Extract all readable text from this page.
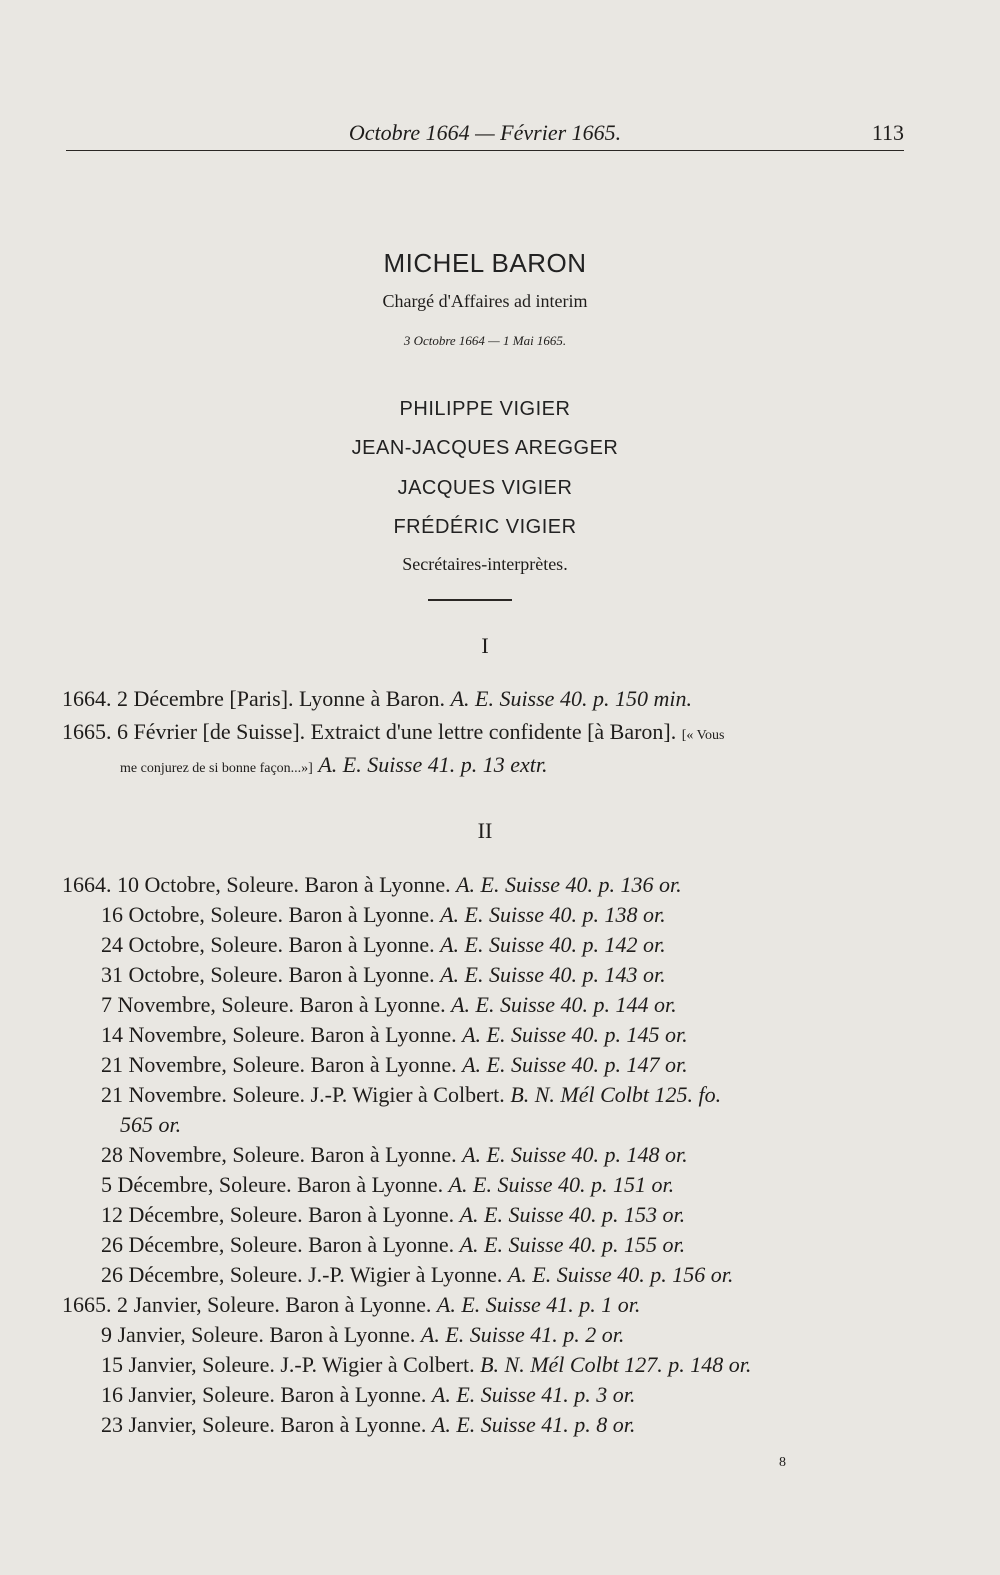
Octobre 1664 — Février 1665.	113
MICHEL BARON
Chargé d'Affaires ad interim
3 Octobre 1664 — 1 Mai 1665.
PHILIPPE VIGIER
JEAN-JACQUES AREGGER
JACQUES VIGIER
FRÉDÉRIC VIGIER
Secrétaires-interprètes.
I
1664. 2 Décembre [Paris]. Lyonne à Baron. A. E. Suisse 40. p. 150 min.
1665. 6 Février [de Suisse]. Extraict d'une lettre confidente [à Baron]. [« Vous
me conjurez de si bonne façon...»] A. E. Suisse 41. p. 13 extr.
II
1664. 10 Octobre, Soleure. Baron à Lyonne. A. E. Suisse 40. p. 136 or.
16 Octobre, Soleure. Baron à Lyonne. A. E. Suisse 40. p. 138 or.
24 Octobre, Soleure. Baron à Lyonne. A. E. Suisse 40. p. 142 or.
31 Octobre, Soleure. Baron à Lyonne. A. E. Suisse 40. p. 143 or.
7 Novembre, Soleure. Baron à Lyonne. A. E. Suisse 40. p. 144 or.
14 Novembre, Soleure. Baron à Lyonne. A. E. Suisse 40. p. 145 or.
21 Novembre, Soleure. Baron à Lyonne. A. E. Suisse 40. p. 147 or.
21 Novembre. Soleure. J.-P. Wigier à Colbert. B. N. Mél Colbt 125. fo.
565 or.
28 Novembre, Soleure. Baron à Lyonne. A. E. Suisse 40. p. 148 or.
5 Décembre, Soleure. Baron à Lyonne. A. E. Suisse 40. p. 151 or.
12 Décembre, Soleure. Baron à Lyonne. A. E. Suisse 40. p. 153 or.
26 Décembre, Soleure. Baron à Lyonne. A. E. Suisse 40. p. 155 or.
26 Décembre, Soleure. J.-P. Wigier à Lyonne. A. E. Suisse 40. p. 156 or.
1665. 2 Janvier, Soleure. Baron à Lyonne. A. E. Suisse 41. p. 1 or.
9 Janvier, Soleure. Baron à Lyonne. A. E. Suisse 41. p. 2 or.
15 Janvier, Soleure. J.-P. Wigier à Colbert. B. N. Mél Colbt 127. p. 148 or.
16 Janvier, Soleure. Baron à Lyonne. A. E. Suisse 41. p. 3 or.
23 Janvier, Soleure. Baron à Lyonne. A. E. Suisse 41. p. 8 or.
8
